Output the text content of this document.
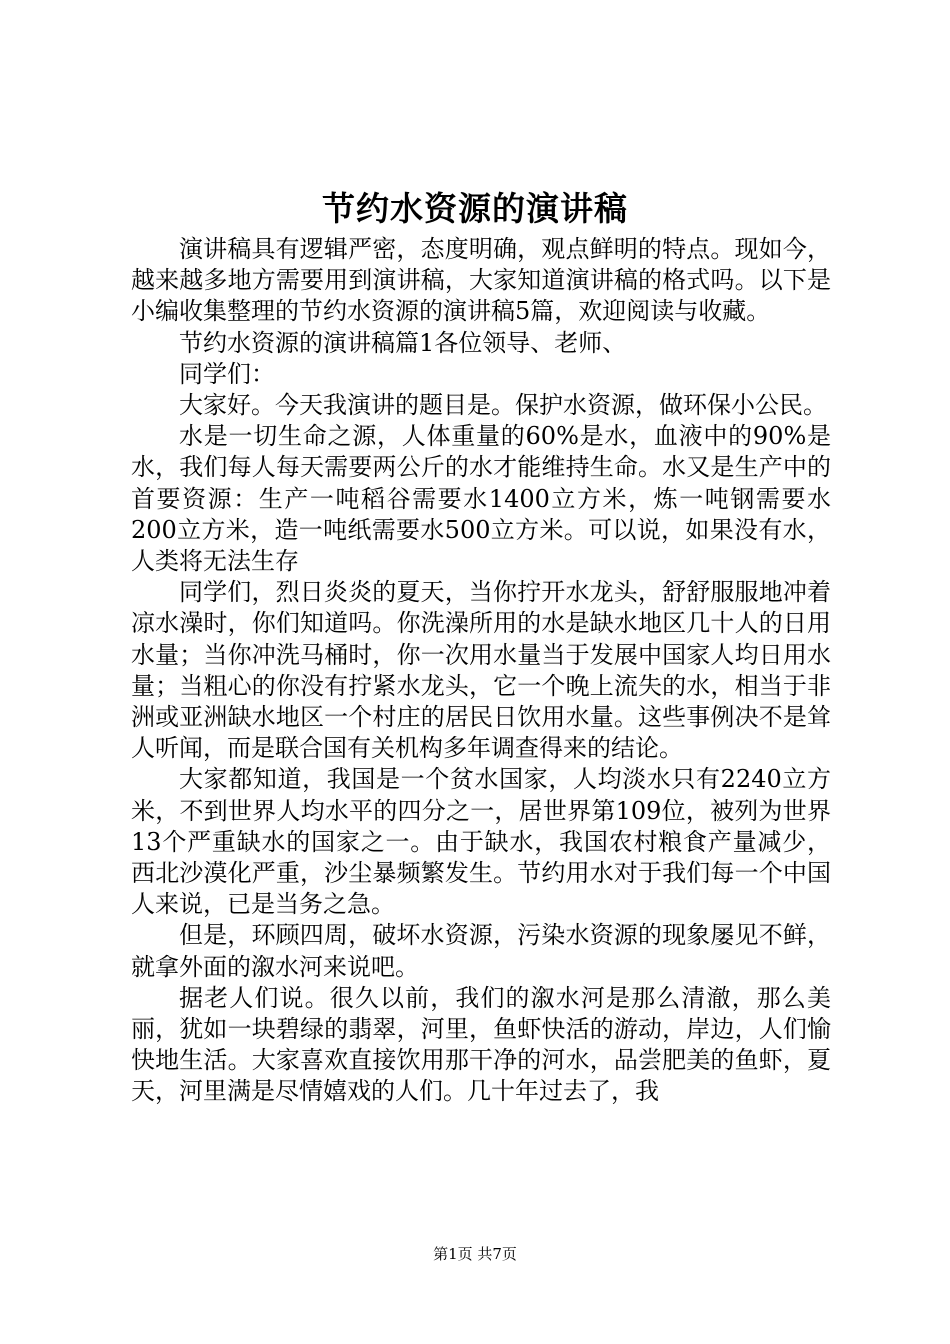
节约水资源的演讲稿

演讲稿具有逻辑严密，态度明确，观点鲜明的特点。现如今，越来越多地方需要用到演讲稿，大家知道演讲稿的格式吗。以下是小编收集整理的节约水资源的演讲稿5篇，欢迎阅读与收藏。

节约水资源的演讲稿篇1各位领导、老师、

同学们：

大家好。今天我演讲的题目是。保护水资源，做环保小公民。

水是一切生命之源，人体重量的60%是水，血液中的90%是水，我们每人每天需要两公斤的水才能维持生命。水又是生产中的首要资源：生产一吨稻谷需要水1400立方米，炼一吨钢需要水200立方米，造一吨纸需要水500立方米。可以说，如果没有水，人类将无法生存

同学们，烈日炎炎的夏天，当你拧开水龙头，舒舒服服地冲着凉水澡时，你们知道吗。你洗澡所用的水是缺水地区几十人的日用水量；当你冲洗马桶时，你一次用水量当于发展中国家人均日用水量；当粗心的你没有拧紧水龙头，它一个晚上流失的水，相当于非洲或亚洲缺水地区一个村庄的居民日饮用水量。这些事例决不是耸人听闻，而是联合国有关机构多年调查得来的结论。

大家都知道，我国是一个贫水国家，人均淡水只有2240立方米，不到世界人均水平的四分之一，居世界第109位，被列为世界13个严重缺水的国家之一。由于缺水，我国农村粮食产量减少，西北沙漠化严重，沙尘暴频繁发生。节约用水对于我们每一个中国人来说，已是当务之急。

但是，环顾四周，破坏水资源，污染水资源的现象屡见不鲜，就拿外面的溆水河来说吧。

据老人们说。很久以前，我们的溆水河是那么清澈，那么美丽，犹如一块碧绿的翡翠，河里，鱼虾快活的游动，岸边，人们愉快地生活。大家喜欢直接饮用那干净的河水，品尝肥美的鱼虾，夏天，河里满是尽情嬉戏的人们。几十年过去了，我

第1页 共7页
